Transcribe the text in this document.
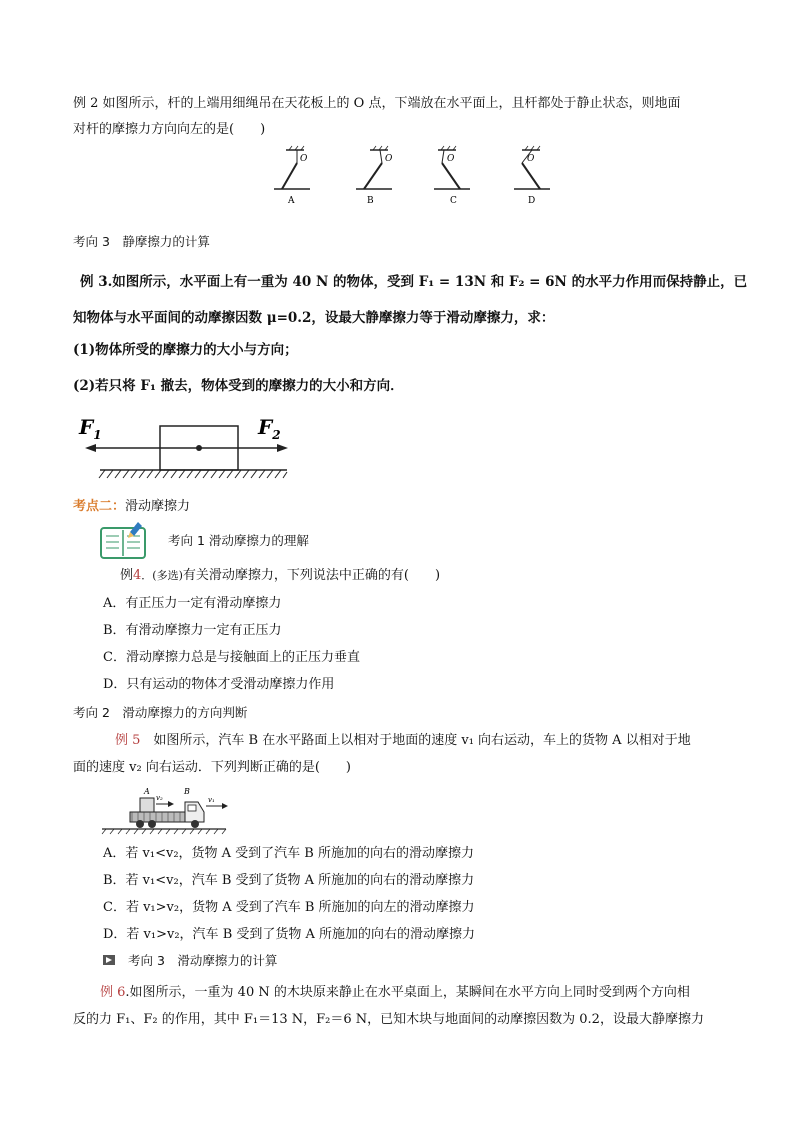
例 2 如图所示，杆的上端用细绳吊在天花板上的 O 点，下端放在水平面上，且杆都处于静止状态，则地面
对杆的摩擦力方向向左的是(　　)
O
A
O
B
O
C
O
D
考向 3　静摩擦力的计算
例 3.如图所示，水平面上有一重为 40 N 的物体，受到 F₁ = 13N 和 F₂ = 6N 的水平力作用而保持静止，已
知物体与水平面间的动摩擦因数 μ=0.2，设最大静摩擦力等于滑动摩擦力，求：
(1)物体所受的摩擦力的大小与方向；
(2)若只将 F₁ 撤去，物体受到的摩擦力的大小和方向．
$F_1$	$F_2$
考点二：滑动摩擦力
考向 1 滑动摩擦力的理解
例4．(多选)有关滑动摩擦力，下列说法中正确的有(　　)
A．有正压力一定有滑动摩擦力
B．有滑动摩擦力一定有正压力
C．滑动摩擦力总是与接触面上的正压力垂直
D．只有运动的物体才受滑动摩擦力作用
考向 2　滑动摩擦力的方向判断
例 5　如图所示，汽车 B 在水平路面上以相对于地面的速度 v₁ 向右运动，车上的货物 A 以相对于地
面的速度 v₂ 向右运动．下列判断正确的是(　　)
A	B
v₂	v₁
A．若 v₁<v₂，货物 A 受到了汽车 B 所施加的向右的滑动摩擦力
B．若 v₁<v₂，汽车 B 受到了货物 A 所施加的向右的滑动摩擦力
C．若 v₁>v₂，货物 A 受到了汽车 B 所施加的向左的滑动摩擦力
D．若 v₁>v₂，汽车 B 受到了货物 A 所施加的向右的滑动摩擦力
考向 3　滑动摩擦力的计算
例 6.如图所示，一重为 40 N 的木块原来静止在水平桌面上，某瞬间在水平方向上同时受到两个方向相
反的力 F₁、F₂ 的作用，其中 F₁＝13 N，F₂＝6 N，已知木块与地面间的动摩擦因数为 0.2，设最大静摩擦力
